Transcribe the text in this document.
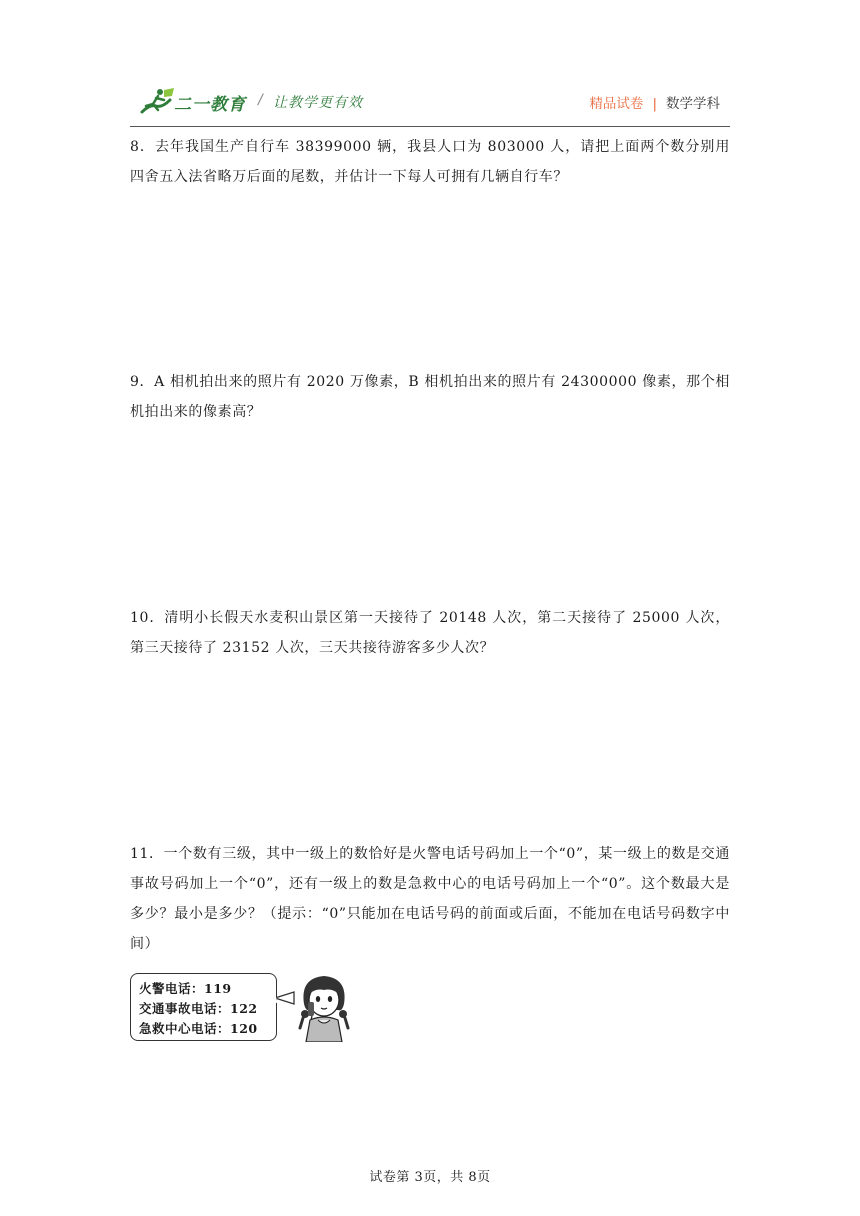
二一教育 / 让教学更有效	精品试卷 | 数学学科

8．去年我国生产自行车 38399000 辆，我县人口为 803000 人，请把上面两个数分别用四舍五入法省略万后面的尾数，并估计一下每人可拥有几辆自行车？

9．A 相机拍出来的照片有 2020 万像素，B 相机拍出来的照片有 24300000 像素，那个相机拍出来的像素高？

10．清明小长假天水麦积山景区第一天接待了 20148 人次，第二天接待了 25000 人次，第三天接待了 23152 人次，三天共接待游客多少人次？

11．一个数有三级，其中一级上的数恰好是火警电话号码加上一个“0”，某一级上的数是交通事故号码加上一个“0”，还有一级上的数是急救中心的电话号码加上一个“0”。这个数最大是多少？最小是多少？（提示：“0”只能加在电话号码的前面或后面，不能加在电话号码数字中间）

火警电话：119
交通事故电话：122
急救中心电话：120
试卷第 3页，共 8页
